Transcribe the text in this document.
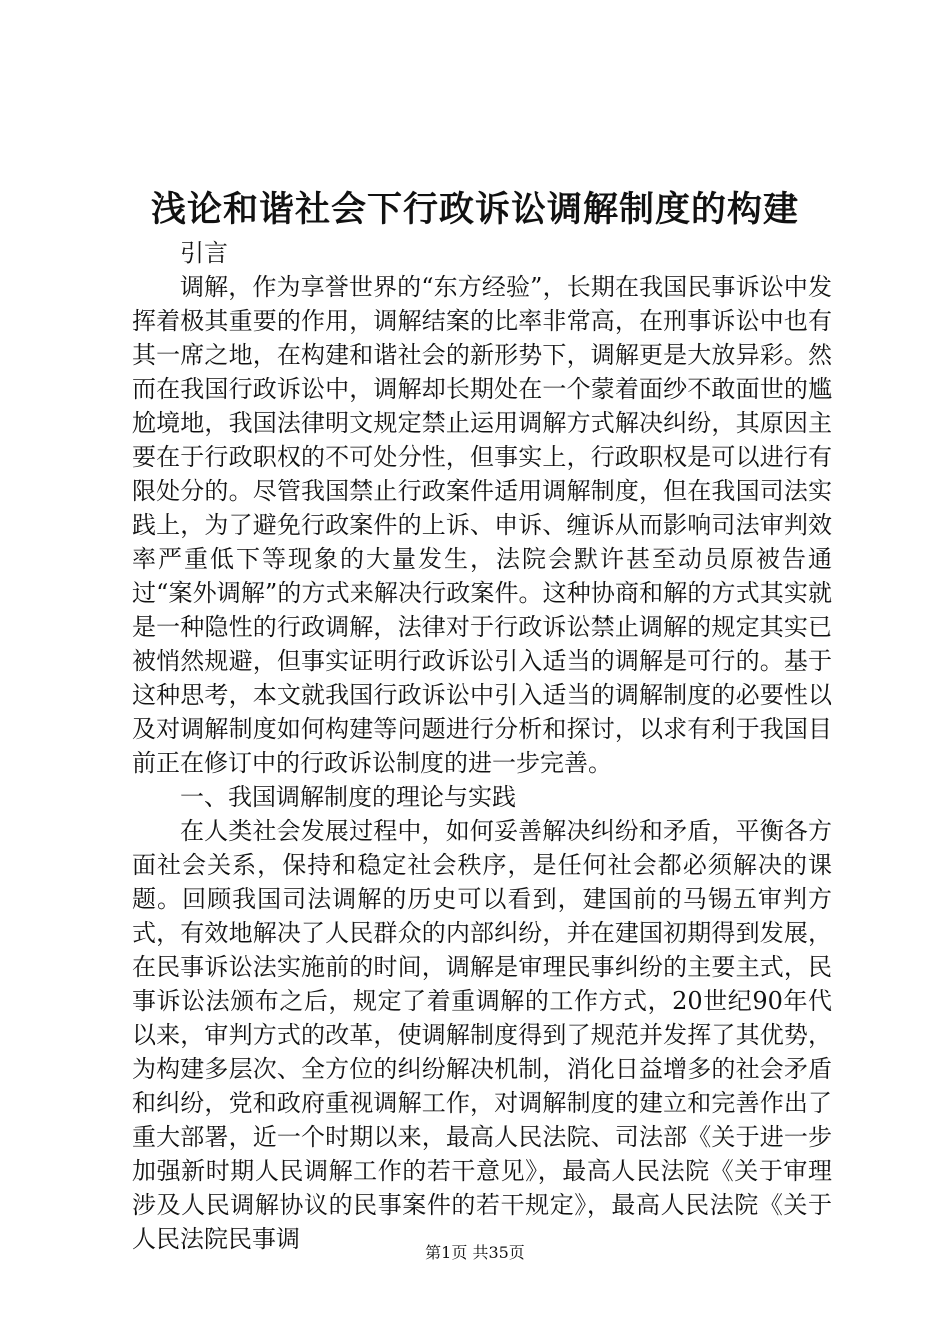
浅论和谐社会下行政诉讼调解制度的构建

引言

调解，作为享誉世界的“东方经验”，长期在我国民事诉讼中发挥着极其重要的作用，调解结案的比率非常高，在刑事诉讼中也有其一席之地，在构建和谐社会的新形势下，调解更是大放异彩。然而在我国行政诉讼中，调解却长期处在一个蒙着面纱不敢面世的尴尬境地，我国法律明文规定禁止运用调解方式解决纠纷，其原因主要在于行政职权的不可处分性，但事实上，行政职权是可以进行有限处分的。尽管我国禁止行政案件适用调解制度，但在我国司法实践上，为了避免行政案件的上诉、申诉、缠诉从而影响司法审判效率严重低下等现象的大量发生，法院会默许甚至动员原被告通过“案外调解”的方式来解决行政案件。这种协商和解的方式其实就是一种隐性的行政调解，法律对于行政诉讼禁止调解的规定其实已被悄然规避，但事实证明行政诉讼引入适当的调解是可行的。基于这种思考，本文就我国行政诉讼中引入适当的调解制度的必要性以及对调解制度如何构建等问题进行分析和探讨，以求有利于我国目前正在修订中的行政诉讼制度的进一步完善。

一、我国调解制度的理论与实践

在人类社会发展过程中，如何妥善解决纠纷和矛盾，平衡各方面社会关系，保持和稳定社会秩序，是任何社会都必须解决的课题。回顾我国司法调解的历史可以看到，建国前的马锡五审判方式，有效地解决了人民群众的内部纠纷，并在建国初期得到发展，在民事诉讼法实施前的时间，调解是审理民事纠纷的主要主式，民事诉讼法颁布之后，规定了着重调解的工作方式，20世纪90年代以来，审判方式的改革，使调解制度得到了规范并发挥了其优势，为构建多层次、全方位的纠纷解决机制，消化日益增多的社会矛盾和纠纷，党和政府重视调解工作，对调解制度的建立和完善作出了重大部署，近一个时期以来，最高人民法院、司法部《关于进一步加强新时期人民调解工作的若干意见》，最高人民法院《关于审理涉及人民调解协议的民事案件的若干规定》，最高人民法院《关于人民法院民事调	第1页 共35页
